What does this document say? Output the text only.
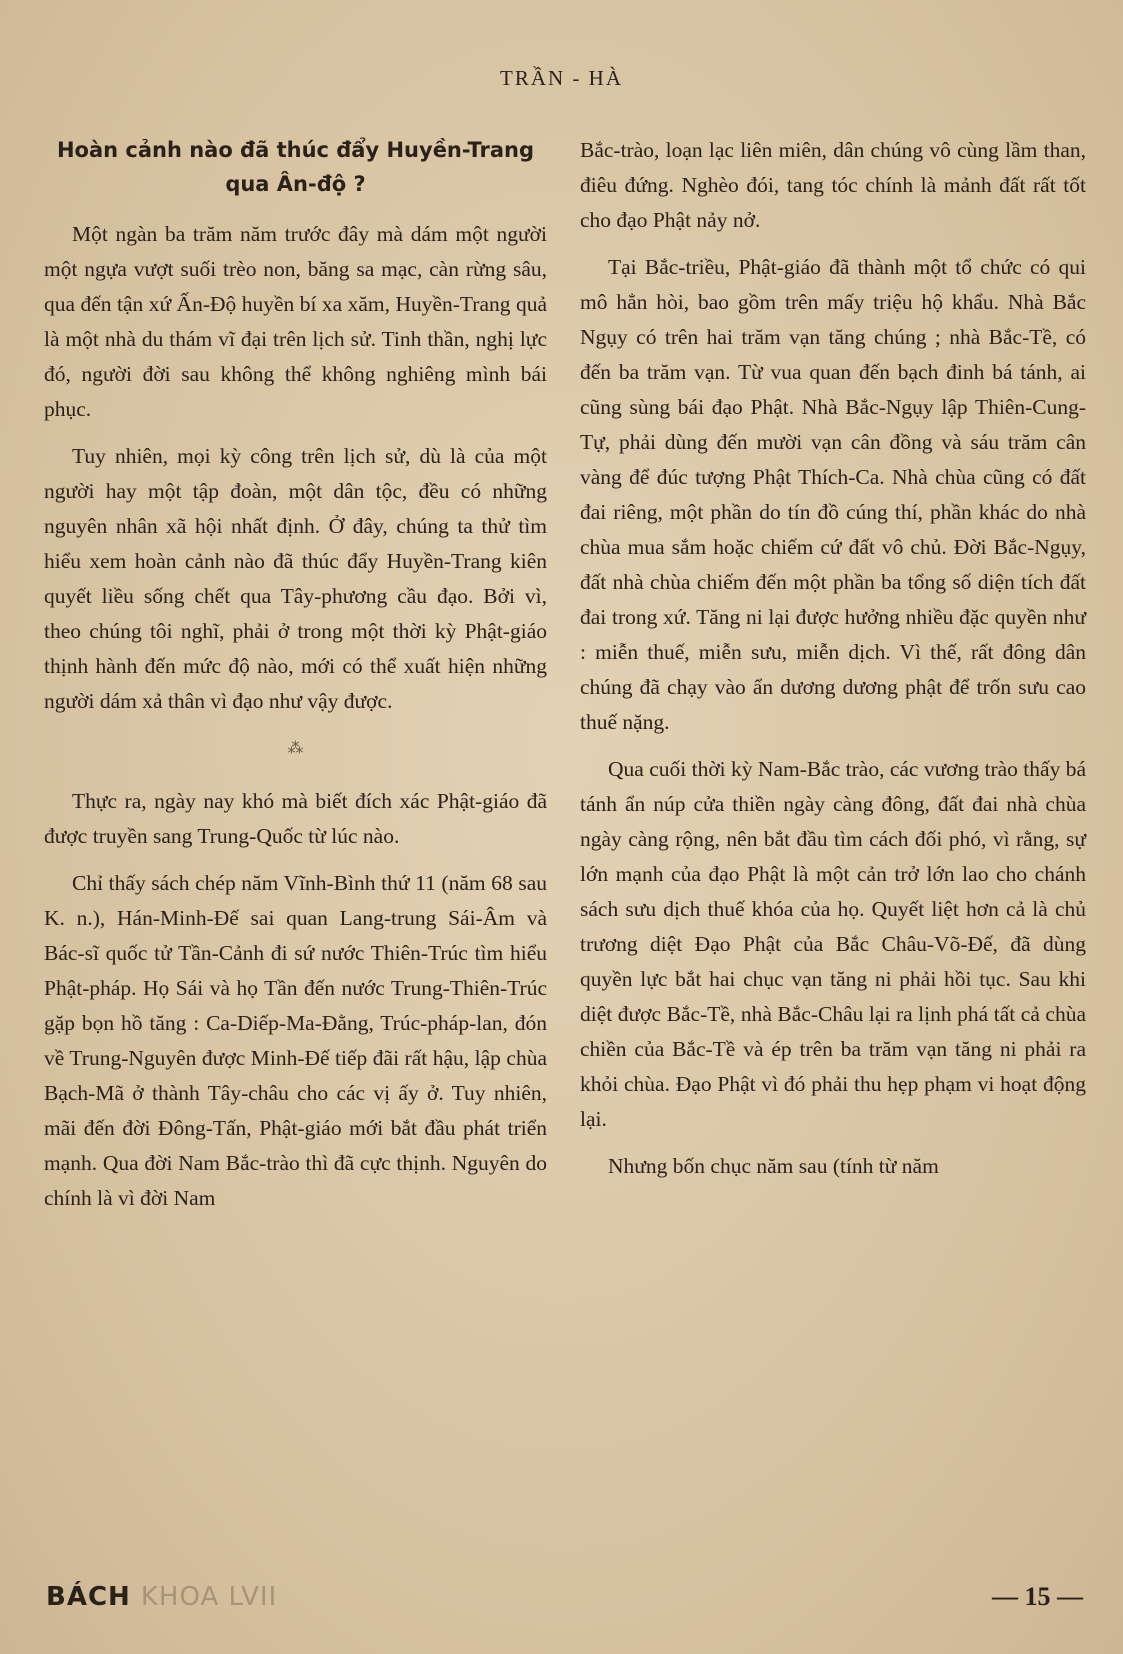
TRẦN - HÀ
Hoàn cảnh nào đã thúc đẩy Huyền-Trang qua Ân-độ ?

Một ngàn ba trăm năm trước đây mà dám một người một ngựa vượt suối trèo non, băng sa mạc, càn rừng sâu, qua đến tận xứ Ấn-Độ huyền bí xa xăm, Huyền-Trang quả là một nhà du thám vĩ đại trên lịch sử. Tinh thần, nghị lực đó, người đời sau không thể không nghiêng mình bái phục.

Tuy nhiên, mọi kỳ công trên lịch sử, dù là của một người hay một tập đoàn, một dân tộc, đều có những nguyên nhân xã hội nhất định. Ở đây, chúng ta thử tìm hiểu xem hoàn cảnh nào đã thúc đẩy Huyền-Trang kiên quyết liều sống chết qua Tây-phương cầu đạo. Bởi vì, theo chúng tôi nghĩ, phải ở trong một thời kỳ Phật-giáo thịnh hành đến mức độ nào, mới có thể xuất hiện những người dám xả thân vì đạo như vậy được.

⁂

Thực ra, ngày nay khó mà biết đích xác Phật-giáo đã được truyền sang Trung-Quốc từ lúc nào.

Chỉ thấy sách chép năm Vĩnh-Bình thứ 11 (năm 68 sau K. n.), Hán-Minh-Đế sai quan Lang-trung Sái-Âm và Bác-sĩ quốc tử Tần-Cảnh đi sứ nước Thiên-Trúc tìm hiểu Phật-pháp. Họ Sái và họ Tần đến nước Trung-Thiên-Trúc gặp bọn hồ tăng : Ca-Diếp-Ma-Đằng, Trúc-pháp-lan, đón về Trung-Nguyên được Minh-Đế tiếp đãi rất hậu, lập chùa Bạch-Mã ở thành Tây-châu cho các vị ấy ở. Tuy nhiên, mãi đến đời Đông-Tấn, Phật-giáo mới bắt đầu phát triển mạnh. Qua đời Nam Bắc-trào thì đã cực thịnh. Nguyên do chính là vì đời Nam

Bắc-trào, loạn lạc liên miên, dân chúng vô cùng lầm than, điêu đứng. Nghèo đói, tang tóc chính là mảnh đất rất tốt cho đạo Phật nảy nở.

Tại Bắc-triều, Phật-giáo đã thành một tổ chức có qui mô hẳn hòi, bao gồm trên mấy triệu hộ khẩu. Nhà Bắc Ngụy có trên hai trăm vạn tăng chúng ; nhà Bắc-Tề, có đến ba trăm vạn. Từ vua quan đến bạch đinh bá tánh, ai cũng sùng bái đạo Phật. Nhà Bắc-Ngụy lập Thiên-Cung-Tự, phải dùng đến mười vạn cân đồng và sáu trăm cân vàng để đúc tượng Phật Thích-Ca. Nhà chùa cũng có đất đai riêng, một phần do tín đồ cúng thí, phần khác do nhà chùa mua sắm hoặc chiếm cứ đất vô chủ. Đời Bắc-Ngụy, đất nhà chùa chiếm đến một phần ba tổng số diện tích đất đai trong xứ. Tăng ni lại được hưởng nhiều đặc quyền như : miễn thuế, miễn sưu, miễn dịch. Vì thế, rất đông dân chúng đã chạy vào ẩn dương dương phật để trốn sưu cao thuế nặng.

Qua cuối thời kỳ Nam-Bắc trào, các vương trào thấy bá tánh ẩn núp cửa thiền ngày càng đông, đất đai nhà chùa ngày càng rộng, nên bắt đầu tìm cách đối phó, vì rằng, sự lớn mạnh của đạo Phật là một cản trở lớn lao cho chánh sách sưu dịch thuế khóa của họ. Quyết liệt hơn cả là chủ trương diệt Đạo Phật của Bắc Châu-Võ-Đế, đã dùng quyền lực bắt hai chục vạn tăng ni phải hồi tục. Sau khi diệt được Bắc-Tề, nhà Bắc-Châu lại ra lịnh phá tất cả chùa chiền của Bắc-Tề và ép trên ba trăm vạn tăng ni phải ra khỏi chùa. Đạo Phật vì đó phải thu hẹp phạm vi hoạt động lại.

Nhưng bốn chục năm sau (tính từ năm

BÁCH KHOA LVII	— 15 —
